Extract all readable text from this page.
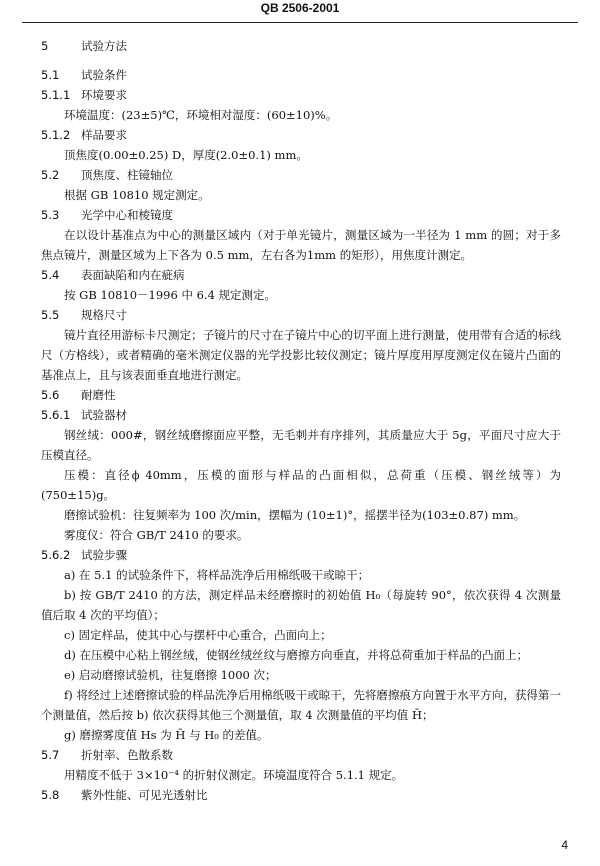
QB 2506-2001

5	试验方法

5.1 试验条件

5.1.1 环境要求

环境温度：(23±5)℃，环境相对湿度：(60±10)%。

5.1.2 样品要求

顶焦度(0.00±0.25) D，厚度(2.0±0.1) mm。

5.2 顶焦度、柱镜轴位

根据 GB 10810 规定测定。

5.3 光学中心和棱镜度

在以设计基准点为中心的测量区域内（对于单光镜片，测量区域为一半径为 1 mm 的圆；对于多焦点镜片，测量区域为上下各为 0.5 mm，左右各为1mm 的矩形），用焦度计测定。

5.4 表面缺陷和内在疵病

按 GB 10810－1996 中 6.4 规定测定。

5.5 规格尺寸

镜片直径用游标卡尺测定；子镜片的尺寸在子镜片中心的切平面上进行测量，使用带有合适的标线尺（方格线），或者精确的毫米测定仪器的光学投影比较仪测定；镜片厚度用厚度测定仪在镜片凸面的基准点上，且与该表面垂直地进行测定。

5.6 耐磨性

5.6.1 试验器材

钢丝绒：000#，钢丝绒磨擦面应平整，无毛刺并有序排列，其质量应大于 5g，平面尺寸应大于压模直径。

压模：直径ϕ 40mm，压模的面形与样品的凸面相似，总荷重（压模、钢丝绒等）为(750±15)g。

磨擦试验机：往复频率为 100 次/min，摆幅为 (10±1)°，摇摆半径为(103±0.87) mm。

雾度仪：符合 GB/T 2410 的要求。

5.6.2 试验步骤

a) 在 5.1 的试验条件下，将样品洗净后用棉纸吸干或晾干；

b) 按 GB/T 2410 的方法，测定样品未经磨擦时的初始值 H₀（每旋转 90°，依次获得 4 次测量值后取 4 次的平均值）；

c) 固定样品，使其中心与摆杆中心重合，凸面向上；

d) 在压模中心粘上钢丝绒，使钢丝绒丝纹与磨擦方向垂直，并将总荷重加于样品的凸面上；

e) 启动磨擦试验机，往复磨擦 1000 次；

f) 将经过上述磨擦试验的样品洗净后用棉纸吸干或晾干，先将磨擦痕方向置于水平方向，获得第一个测量值，然后按 b) 依次获得其他三个测量值，取 4 次测量值的平均值 H̄；

g) 磨擦雾度值 Hs 为 H̄ 与 H₀ 的差值。

5.7 折射率、色散系数

用精度不低于 3×10⁻⁴ 的折射仪测定。环境温度符合 5.1.1 规定。

5.8 紫外性能、可见光透射比

4
